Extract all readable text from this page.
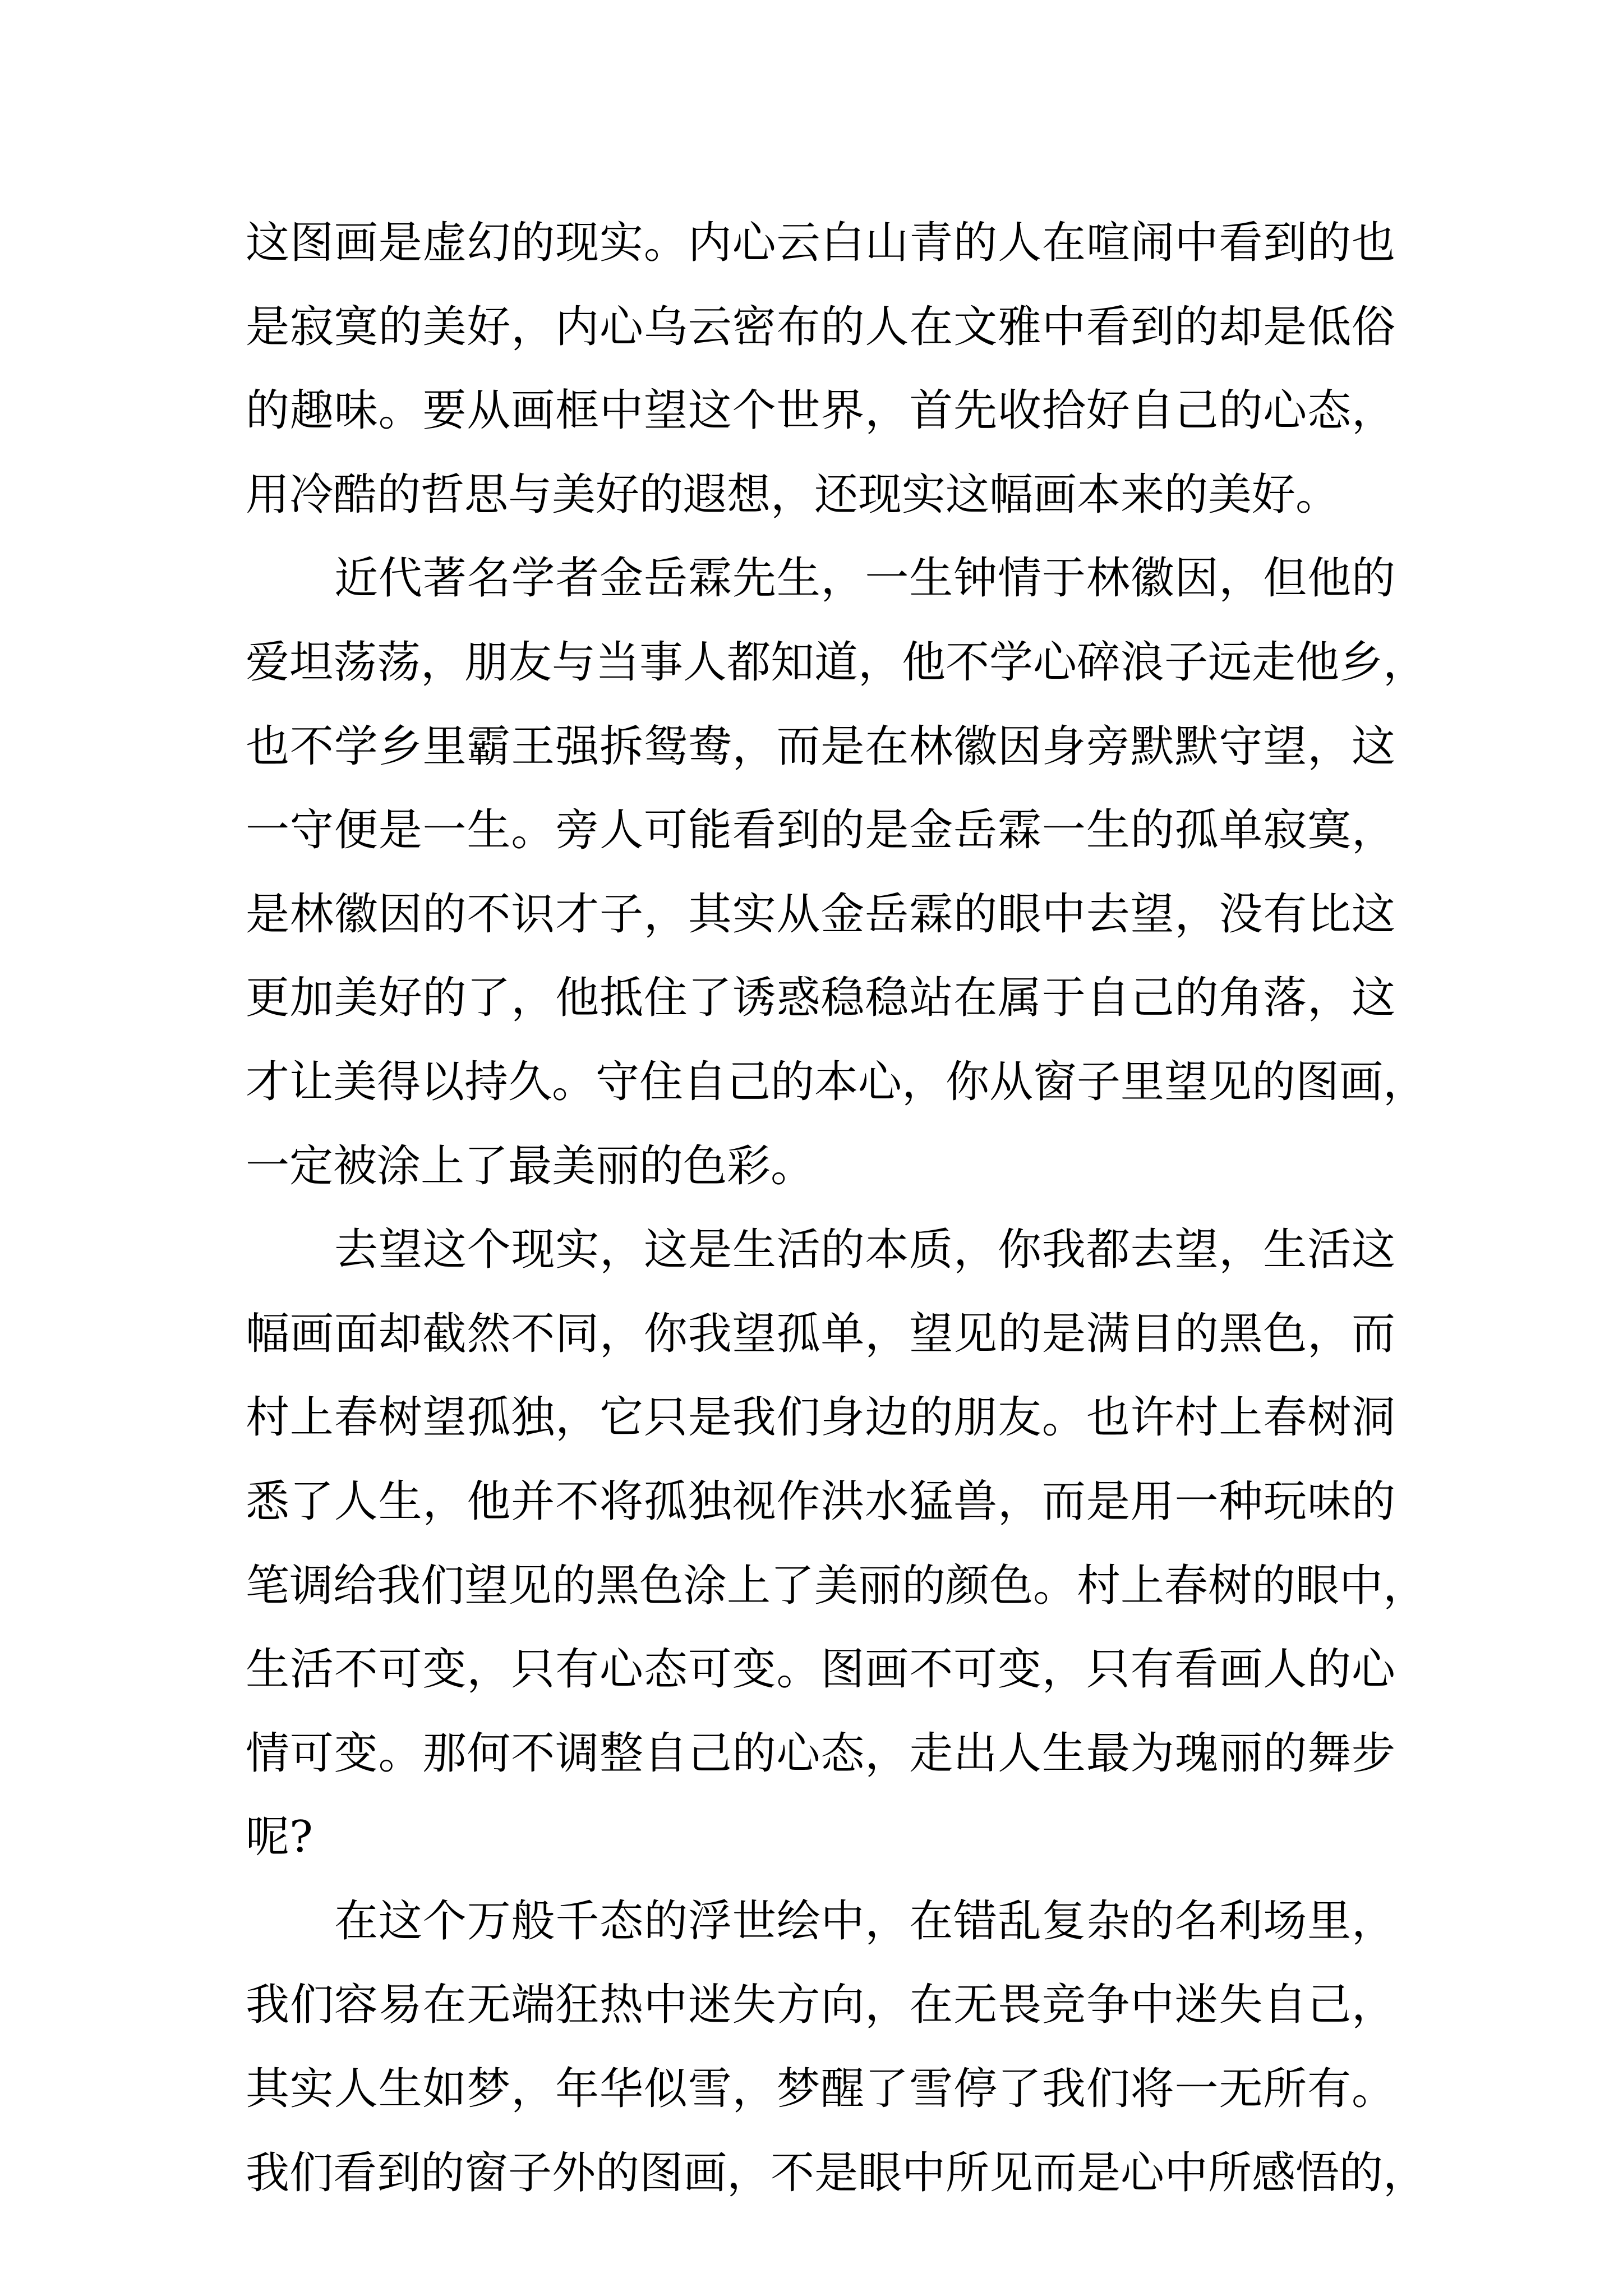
这图画是虚幻的现实。内心云白山青的人在喧闹中看到的也
是寂寞的美好，内心乌云密布的人在文雅中看到的却是低俗
的趣味。要从画框中望这个世界，首先收拾好自己的心态，
用冷酷的哲思与美好的遐想，还现实这幅画本来的美好。
近代著名学者金岳霖先生，一生钟情于林徽因，但他的
爱坦荡荡，朋友与当事人都知道，他不学心碎浪子远走他乡，
也不学乡里霸王强拆鸳鸯，而是在林徽因身旁默默守望，这
一守便是一生。旁人可能看到的是金岳霖一生的孤单寂寞，
是林徽因的不识才子，其实从金岳霖的眼中去望，没有比这
更加美好的了，他抵住了诱惑稳稳站在属于自己的角落，这
才让美得以持久。守住自己的本心，你从窗子里望见的图画，
一定被涂上了最美丽的色彩。
去望这个现实，这是生活的本质，你我都去望，生活这
幅画面却截然不同，你我望孤单，望见的是满目的黑色，而
村上春树望孤独，它只是我们身边的朋友。也许村上春树洞
悉了人生，他并不将孤独视作洪水猛兽，而是用一种玩味的
笔调给我们望见的黑色涂上了美丽的颜色。村上春树的眼中，
生活不可变，只有心态可变。图画不可变，只有看画人的心
情可变。那何不调整自己的心态，走出人生最为瑰丽的舞步
呢?
在这个万般千态的浮世绘中，在错乱复杂的名利场里，
我们容易在无端狂热中迷失方向，在无畏竞争中迷失自己，
其实人生如梦，年华似雪，梦醒了雪停了我们将一无所有。
我们看到的窗子外的图画，不是眼中所见而是心中所感悟的，
